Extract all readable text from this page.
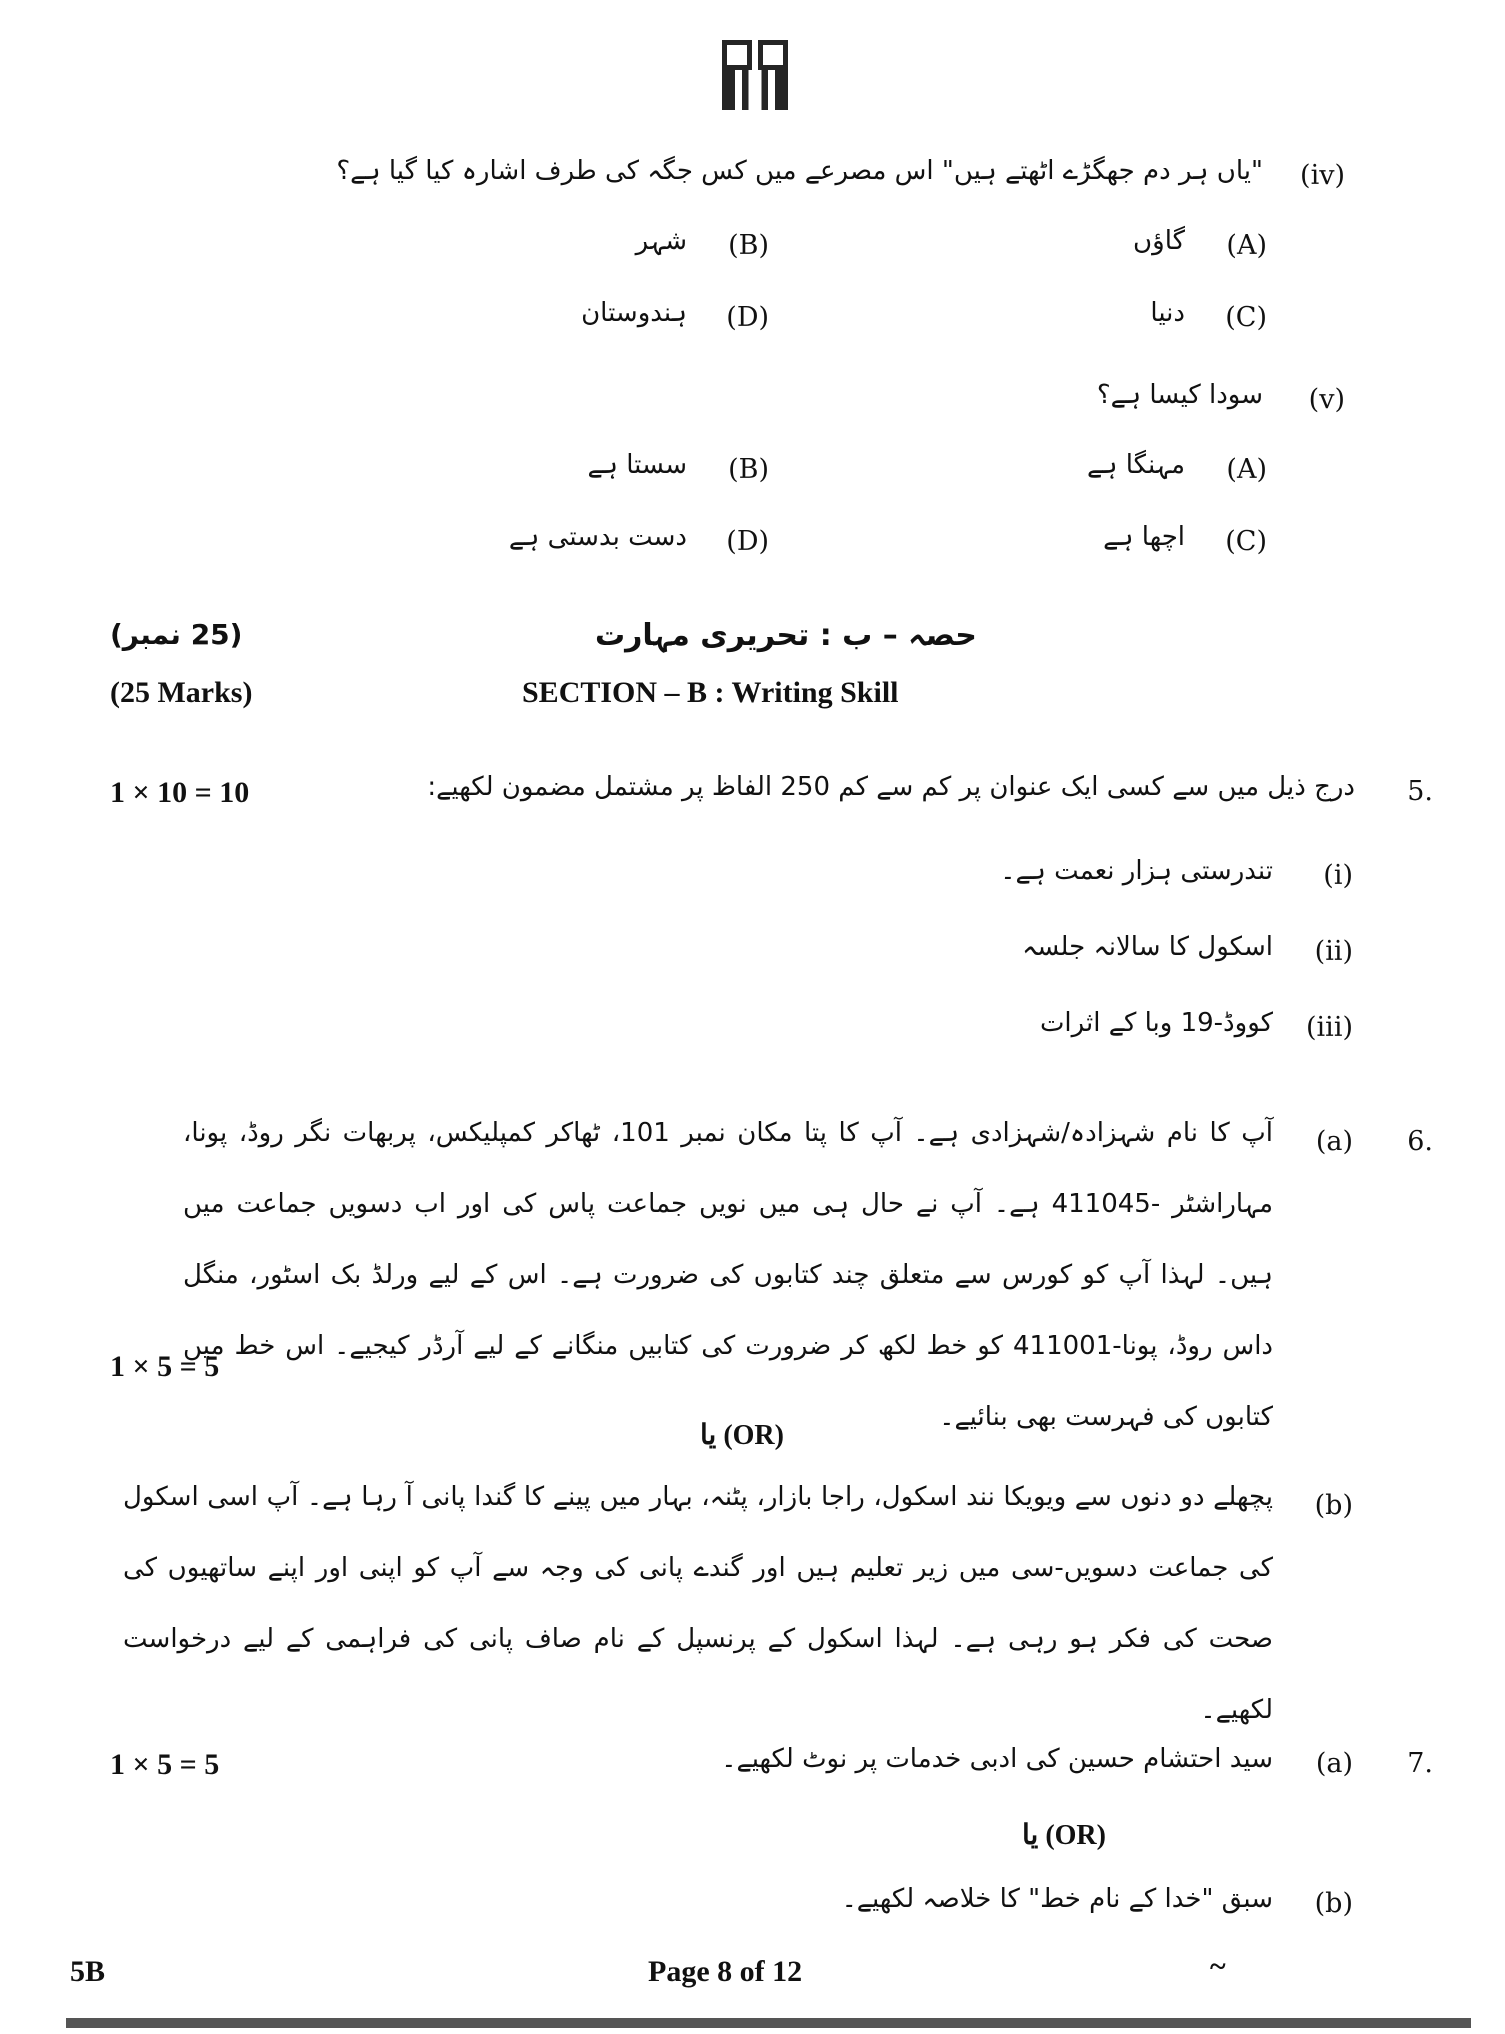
(iv)
"یاں ہر دم جھگڑے اٹھتے ہیں" اس مصرعے میں کس جگہ کی طرف اشارہ کیا گیا ہے؟
(A)
گاؤں
(B)
شہر
(C)
دنیا
(D)
ہندوستان
(v)
سودا کیسا ہے؟
(A)
مہنگا ہے
(B)
سستا ہے
(C)
اچھا ہے
(D)
دست بدستی ہے
(25 نمبر)	حصہ – ب : تحریری مہارت
(25 Marks)	SECTION – B : Writing Skill
1 × 10 = 10	5.
درج ذیل میں سے کسی ایک عنوان پر کم سے کم 250 الفاظ پر مشتمل مضمون لکھیے:
(i)
تندرستی ہزار نعمت ہے۔
(ii)
اسکول کا سالانہ جلسہ
(iii)
کووڈ-19 وبا کے اثرات
6.
(a)
آپ کا نام شہزادہ/شہزادی ہے۔ آپ کا پتا مکان نمبر 101، ٹھاکر کمپلیکس، پربھات نگر روڈ، پونا، مہاراشٹر -411045 ہے۔ آپ نے حال ہی میں نویں جماعت پاس کی اور اب دسویں جماعت میں ہیں۔ لہذا آپ کو کورس سے متعلق چند کتابوں کی ضرورت ہے۔ اس کے لیے ورلڈ بک اسٹور، منگل داس روڈ، پونا-411001 کو خط لکھ کر ضرورت کی کتابیں منگانے کے لیے آرڈر کیجیے۔ اس خط میں کتابوں کی فہرست بھی بنائیے۔
1 × 5 = 5
یا (OR)
(b)
پچھلے دو دنوں سے ویویکا نند اسکول، راجا بازار، پٹنہ، بہار میں پینے کا گندا پانی آ رہا ہے۔ آپ اسی اسکول کی جماعت دسویں-سی میں زیر تعلیم ہیں اور گندے پانی کی وجہ سے آپ کو اپنی اور اپنے ساتھیوں کی صحت کی فکر ہو رہی ہے۔ لہذا اسکول کے پرنسپل کے نام صاف پانی کی فراہمی کے لیے درخواست لکھیے۔
1 × 5 = 5	7.
(a)
سید احتشام حسین کی ادبی خدمات پر نوٹ لکھیے۔
یا (OR)
(b)
سبق "خدا کے نام خط" کا خلاصہ لکھیے۔
5B	Page 8 of 12	~
